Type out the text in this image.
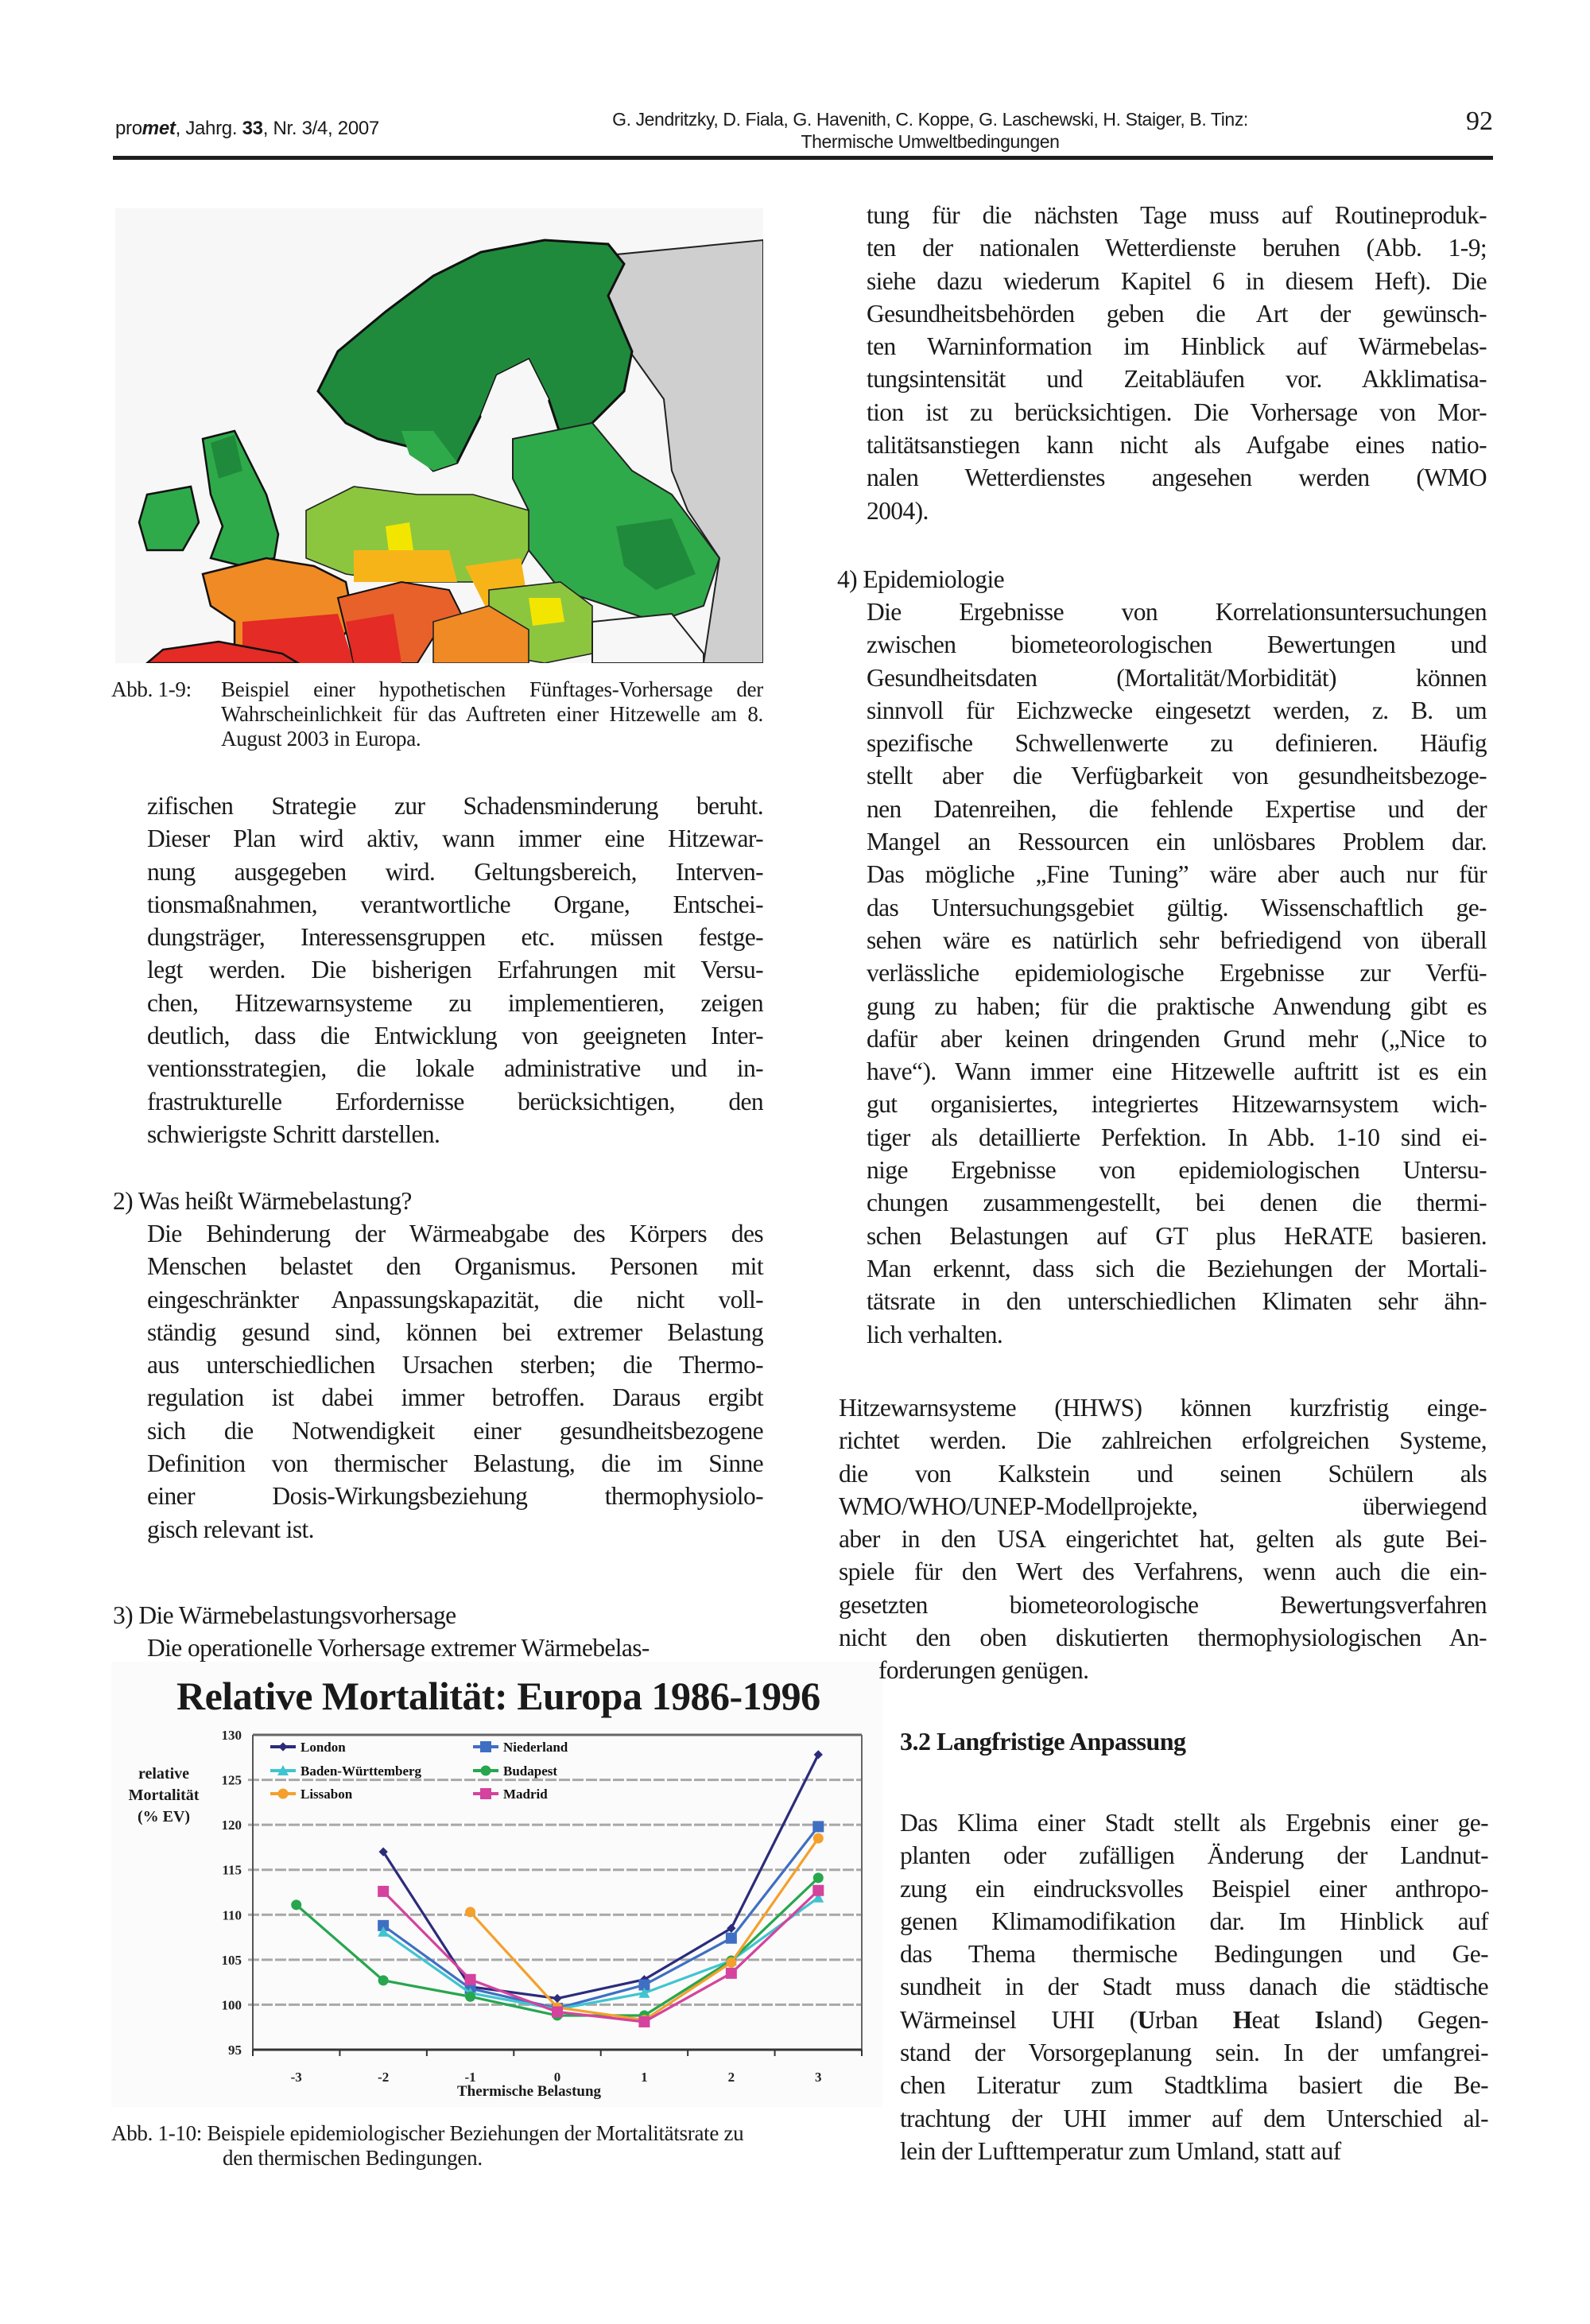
promet, Jahrg. 33, Nr. 3/4, 2007	G. Jendritzky, D. Fiala, G. Havenith, C. Koppe, G. Laschewski, H. Staiger, B. Tinz:
Thermische Umweltbedingungen
92
Abb. 1-9:	Beispiel einer hypothetischen Fünftages-Vorhersage der Wahrscheinlichkeit für das Auftreten einer Hitzewelle am 8. August 2003 in Europa.
zifischen Strategie zur Schadensminderung beruht.
Dieser Plan wird aktiv, wann immer eine Hitzewar-
nung ausgegeben wird. Geltungsbereich, Interven-
tionsmaßnahmen, verantwortliche Organe, Entschei-
dungsträger, Interessensgruppen etc. müssen festge-
legt werden. Die bisherigen Erfahrungen mit Versu-
chen, Hitzewarnsysteme zu implementieren, zeigen
deutlich, dass die Entwicklung von geeigneten Inter-
ventionsstrategien, die lokale administrative und in-
frastrukturelle Erfordernisse berücksichtigen, den
schwierigste Schritt darstellen.
2) Was heißt Wärmebelastung?
Die Behinderung der Wärmeabgabe des Körpers des
Menschen belastet den Organismus. Personen mit
eingeschränkter Anpassungskapazität, die nicht voll-
ständig gesund sind, können bei extremer Belastung
aus unterschiedlichen Ursachen sterben; die Thermo-
regulation ist dabei immer betroffen. Daraus ergibt
sich die Notwendigkeit einer gesundheitsbezogene
Definition von thermischer Belastung, die im Sinne
einer Dosis-Wirkungsbeziehung thermophysiolo-
gisch relevant ist.
3) Die Wärmebelastungsvorhersage
Die operationelle Vorhersage extremer Wärmebelas-
95
100
105
110
115
120
125
130
-3	-2	-1	0	1	2	3
London	Niederland
Baden-Württemberg	Budapest
Lissabon	Madrid
Relative Mortalität: Europa 1986-1996
relative
Mortalität
(% EV)
Thermische Belastung
Abb. 1-10: Beispiele epidemiologischer Beziehungen der Mortalitätsrate zu
den thermischen Bedingungen.
tung für die nächsten Tage muss auf Routineproduk-
ten der nationalen Wetterdienste beruhen (Abb. 1-9;
siehe dazu wiederum Kapitel 6 in diesem Heft). Die
Gesundheitsbehörden geben die Art der gewünsch-
ten Warninformation im Hinblick auf Wärmebelas-
tungsintensität und Zeitabläufen vor. Akklimatisa-
tion ist zu berücksichtigen. Die Vorhersage von Mor-
talitätsanstiegen kann nicht als Aufgabe eines natio-
nalen Wetterdienstes angesehen werden (WMO
2004).
4) Epidemiologie
Die Ergebnisse von Korrelationsuntersuchungen
zwischen biometeorologischen Bewertungen und
Gesundheitsdaten (Mortalität/Morbidität) können
sinnvoll für Eichzwecke eingesetzt werden, z. B. um
spezifische Schwellenwerte zu definieren. Häufig
stellt aber die Verfügbarkeit von gesundheitsbezoge-
nen Datenreihen, die fehlende Expertise und der
Mangel an Ressourcen ein unlösbares Problem dar.
Das mögliche „Fine Tuning” wäre aber auch nur für
das Untersuchungsgebiet gültig. Wissenschaftlich ge-
sehen wäre es natürlich sehr befriedigend von überall
verlässliche epidemiologische Ergebnisse zur Verfü-
gung zu haben; für die praktische Anwendung gibt es
dafür aber keinen dringenden Grund mehr („Nice to
have“). Wann immer eine Hitzewelle auftritt ist es ein
gut organisiertes, integriertes Hitzewarnsystem wich-
tiger als detaillierte Perfektion. In Abb. 1-10 sind ei-
nige Ergebnisse von epidemiologischen Untersu-
chungen zusammengestellt, bei denen die thermi-
schen Belastungen auf GT plus HeRATE basieren.
Man erkennt, dass sich die Beziehungen der Mortali-
tätsrate in den unterschiedlichen Klimaten sehr ähn-
lich verhalten.
Hitzewarnsysteme (HHWS) können kurzfristig einge-
richtet werden. Die zahlreichen erfolgreichen Systeme,
die von Kalkstein und seinen Schülern als
WMO/WHO/UNEP-Modellprojekte, überwiegend
aber in den USA eingerichtet hat, gelten als gute Bei-
spiele für den Wert des Verfahrens, wenn auch die ein-
gesetzten biometeorologische Bewertungsverfahren
nicht den oben diskutierten thermophysiologischen An-
forderungen genügen.
3.2 Langfristige Anpassung
Das Klima einer Stadt stellt als Ergebnis einer ge-
planten oder zufälligen Änderung der Landnut-
zung ein eindrucksvolles Beispiel einer anthropo-
genen Klimamodifikation dar. Im Hinblick auf
das Thema thermische Bedingungen und Ge-
sundheit in der Stadt muss danach die städtische
Wärmeinsel UHI (Urban Heat Island) Gegen-
stand der Vorsorgeplanung sein. In der umfangrei-
chen Literatur zum Stadtklima basiert die Be-
trachtung der UHI immer auf dem Unterschied al-
lein der Lufttemperatur zum Umland, statt auf
